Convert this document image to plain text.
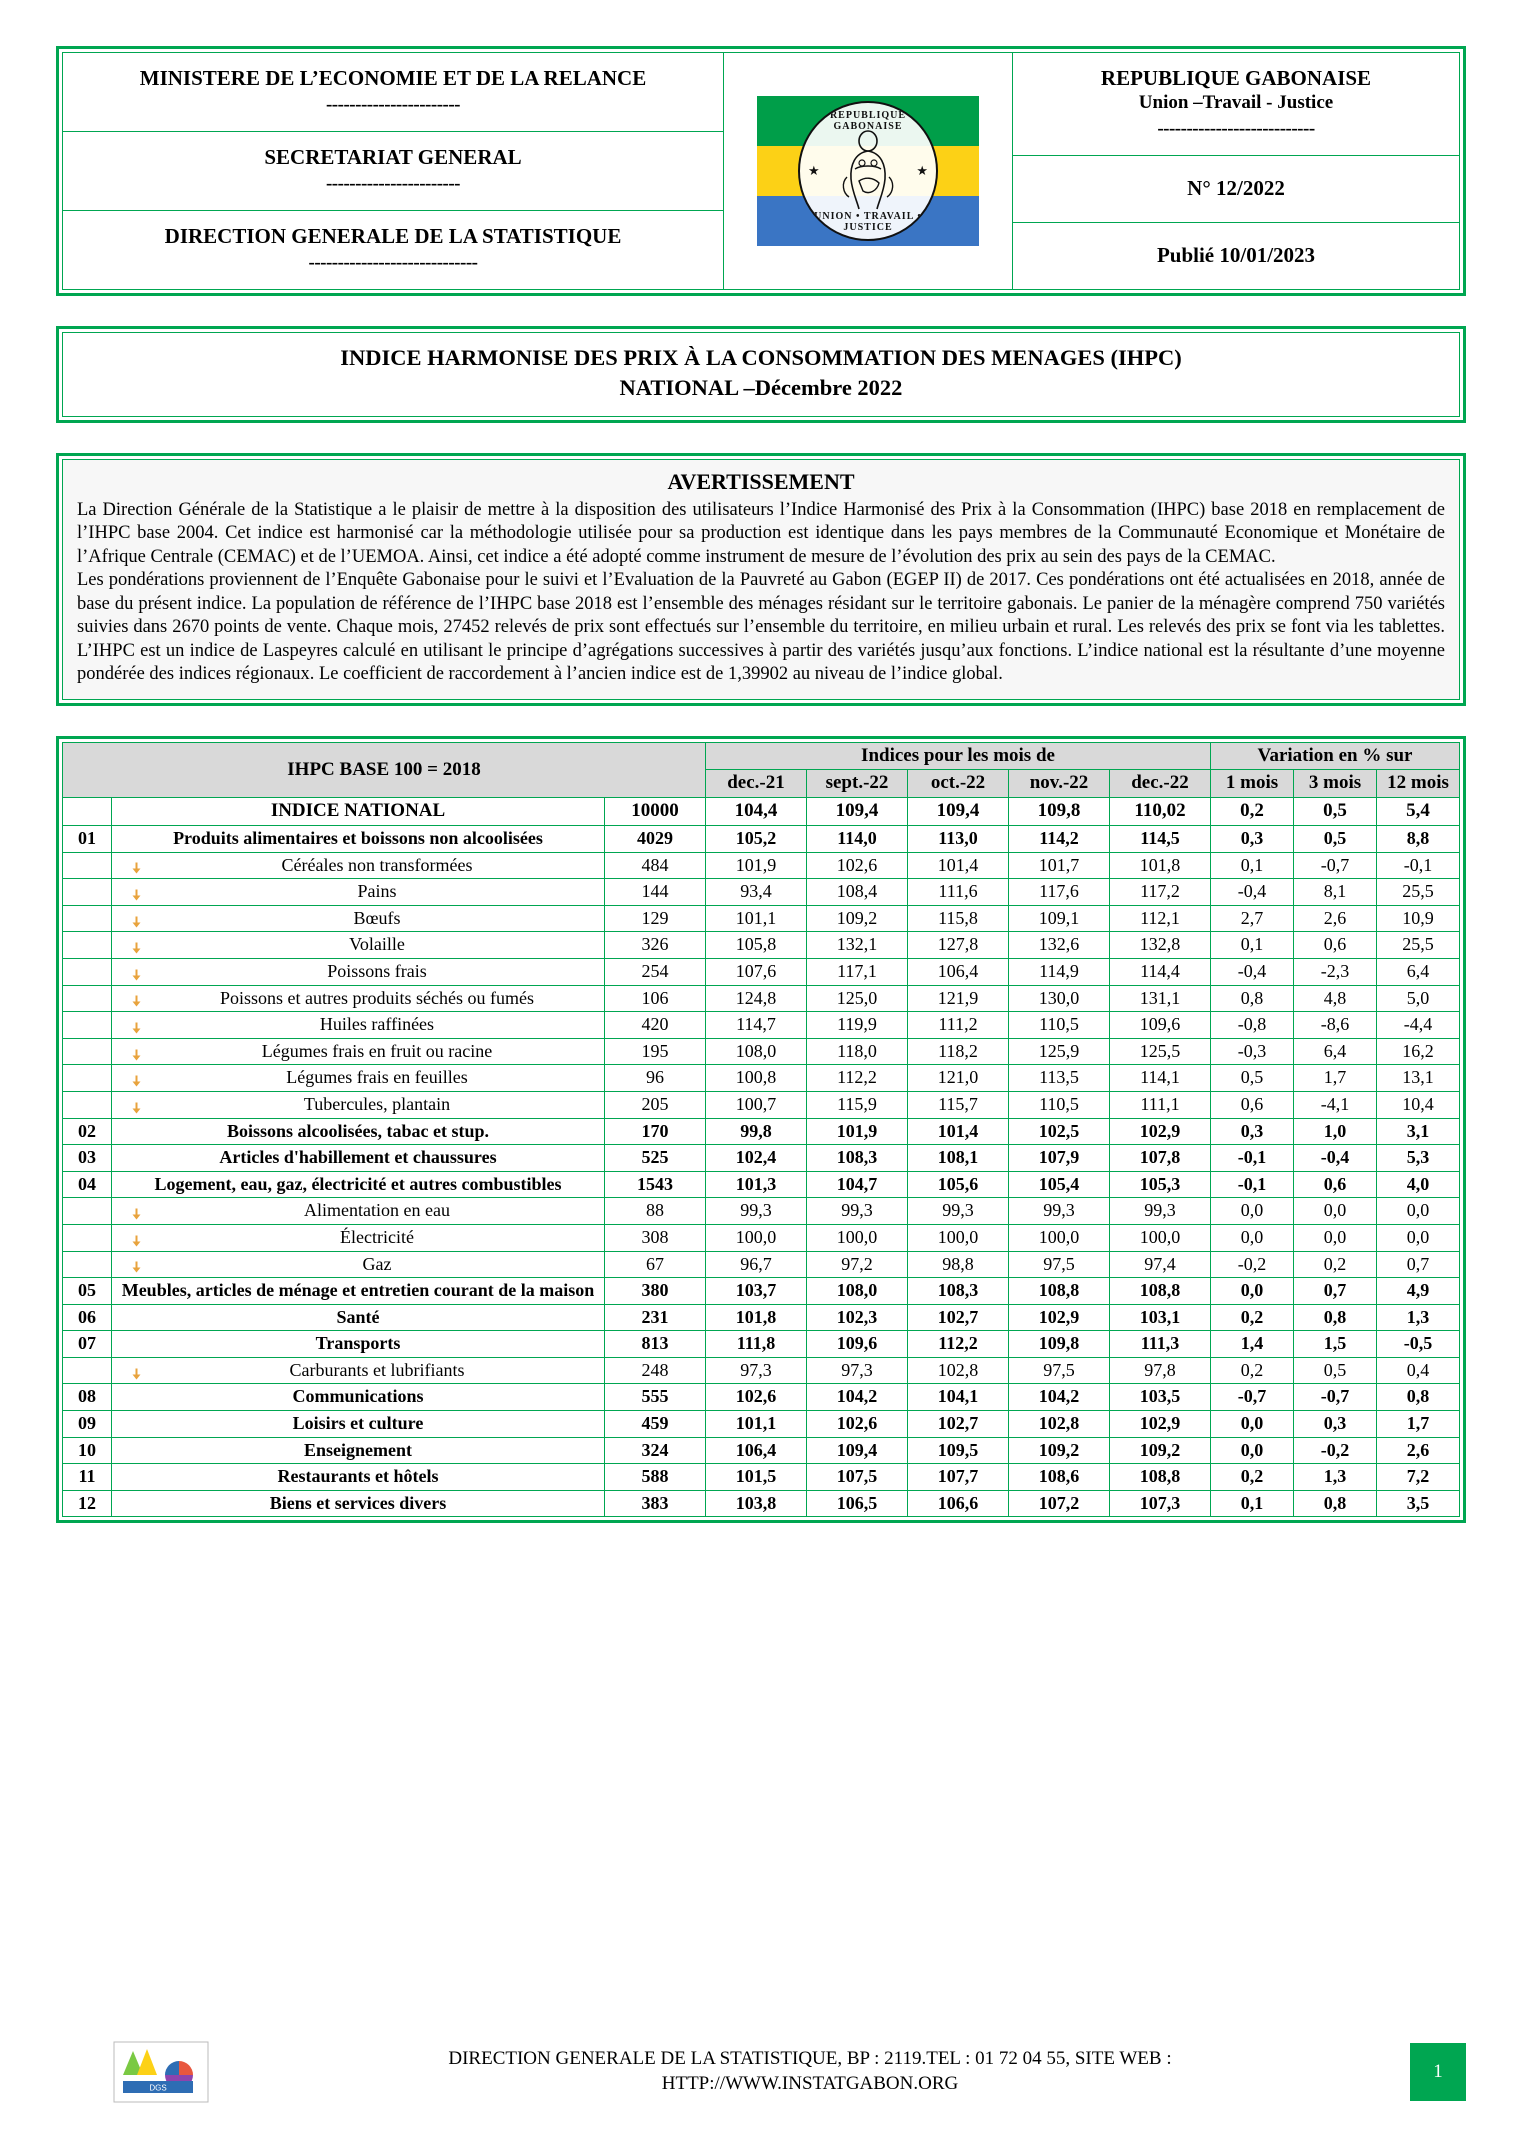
MINISTERE DE L’ECONOMIE ET DE LA RELANCE
-----------------------
SECRETARIAT GENERAL
-----------------------
DIRECTION GENERALE DE LA STATISTIQUE
-----------------------------
REPUBLIQUE GABONAISE
UNION • TRAVAIL • JUSTICE
★	★
REPUBLIQUE GABONAISE
Union –Travail - Justice
---------------------------
N° 12/2022
Publié 10/01/2023
INDICE HARMONISE DES PRIX À LA CONSOMMATION DES MENAGES (IHPC)
NATIONAL –Décembre 2022
AVERTISSEMENT

La Direction Générale de la Statistique a le plaisir de mettre à la disposition des utilisateurs l’Indice Harmonisé des Prix à la Consommation (IHPC) base 2018 en remplacement de l’IHPC base 2004. Cet indice est harmonisé car la méthodologie utilisée pour sa production est identique dans les pays membres de la Communauté Economique et Monétaire de l’Afrique Centrale (CEMAC) et de l’UEMOA. Ainsi, cet indice a été adopté comme instrument de mesure de l’évolution des prix au sein des pays de la CEMAC.

Les pondérations proviennent de l’Enquête Gabonaise pour le suivi et l’Evaluation de la Pauvreté au Gabon (EGEP II) de 2017. Ces pondérations ont été actualisées en 2018, année de base du présent indice. La population de référence de l’IHPC base 2018 est l’ensemble des ménages résidant sur le territoire gabonais. Le panier de la ménagère comprend 750 variétés suivies dans 2670 points de vente. Chaque mois, 27452 relevés de prix sont effectués sur l’ensemble du territoire, en milieu urbain et rural. Les relevés des prix se font via les tablettes. L’IHPC est un indice de Laspeyres calculé en utilisant le principe d’agrégations successives à partir des variétés jusqu’aux fonctions. L’indice national est la résultante d’une moyenne pondérée des indices régionaux. Le coefficient de raccordement à l’ancien indice est de 1,39902 au niveau de l’indice global.

IHPC BASE 100 = 2018			Indices pour les mois de					Variation en % sur		
			dec.-21	sept.-22	oct.-22	nov.-22	dec.-22	1 mois	3 mois	12 mois
	INDICE NATIONAL	10000	104,4	109,4	109,4	109,8	110,02	0,2	0,5	5,4
01	Produits alimentaires et boissons non alcoolisées	4029	105,2	114,0	113,0	114,2	114,5	0,3	0,5	8,8

Céréales non transformées	484	101,9	102,6	101,4	101,7	101,8	0,1	-0,7	-0,1

Pains	144	93,4	108,4	111,6	117,6	117,2	-0,4	8,1	25,5

Bœufs	129	101,1	109,2	115,8	109,1	112,1	2,7	2,6	10,9

Volaille	326	105,8	132,1	127,8	132,6	132,8	0,1	0,6	25,5

Poissons frais	254	107,6	117,1	106,4	114,9	114,4	-0,4	-2,3	6,4

Poissons et autres produits séchés ou fumés	106	124,8	125,0	121,9	130,0	131,1	0,8	4,8	5,0

Huiles raffinées	420	114,7	119,9	111,2	110,5	109,6	-0,8	-8,6	-4,4

Légumes frais en fruit ou racine	195	108,0	118,0	118,2	125,9	125,5	-0,3	6,4	16,2

Légumes frais en feuilles	96	100,8	112,2	121,0	113,5	114,1	0,5	1,7	13,1

Tubercules, plantain	205	100,7	115,9	115,7	110,5	111,1	0,6	-4,1	10,4
02	Boissons alcoolisées, tabac et stup.	170	99,8	101,9	101,4	102,5	102,9	0,3	1,0	3,1
03	Articles d'habillement et chaussures	525	102,4	108,3	108,1	107,9	107,8	-0,1	-0,4	5,3
04	Logement, eau, gaz, électricité et autres combustibles	1543	101,3	104,7	105,6	105,4	105,3	-0,1	0,6	4,0

Alimentation en eau	88	99,3	99,3	99,3	99,3	99,3	0,0	0,0	0,0

Électricité	308	100,0	100,0	100,0	100,0	100,0	0,0	0,0	0,0

Gaz	67	96,7	97,2	98,8	97,5	97,4	-0,2	0,2	0,7
05	Meubles, articles de ménage et entretien courant de la maison	380	103,7	108,0	108,3	108,8	108,8	0,0	0,7	4,9
06	Santé	231	101,8	102,3	102,7	102,9	103,1	0,2	0,8	1,3
07	Transports	813	111,8	109,6	112,2	109,8	111,3	1,4	1,5	-0,5

Carburants et lubrifiants	248	97,3	97,3	102,8	97,5	97,8	0,2	0,5	0,4
08	Communications	555	102,6	104,2	104,1	104,2	103,5	-0,7	-0,7	0,8
09	Loisirs et culture	459	101,1	102,6	102,7	102,8	102,9	0,0	0,3	1,7
10	Enseignement	324	106,4	109,4	109,5	109,2	109,2	0,0	-0,2	2,6
11	Restaurants et hôtels	588	101,5	107,5	107,7	108,6	108,8	0,2	1,3	7,2
12	Biens et services divers	383	103,8	106,5	106,6	107,2	107,3	0,1	0,8	3,5
DGS
DIRECTION GENERALE DE LA STATISTIQUE, BP : 2119.TEL : 01 72 04 55, SITE WEB :
HTTP://WWW.INSTATGABON.ORG
1
